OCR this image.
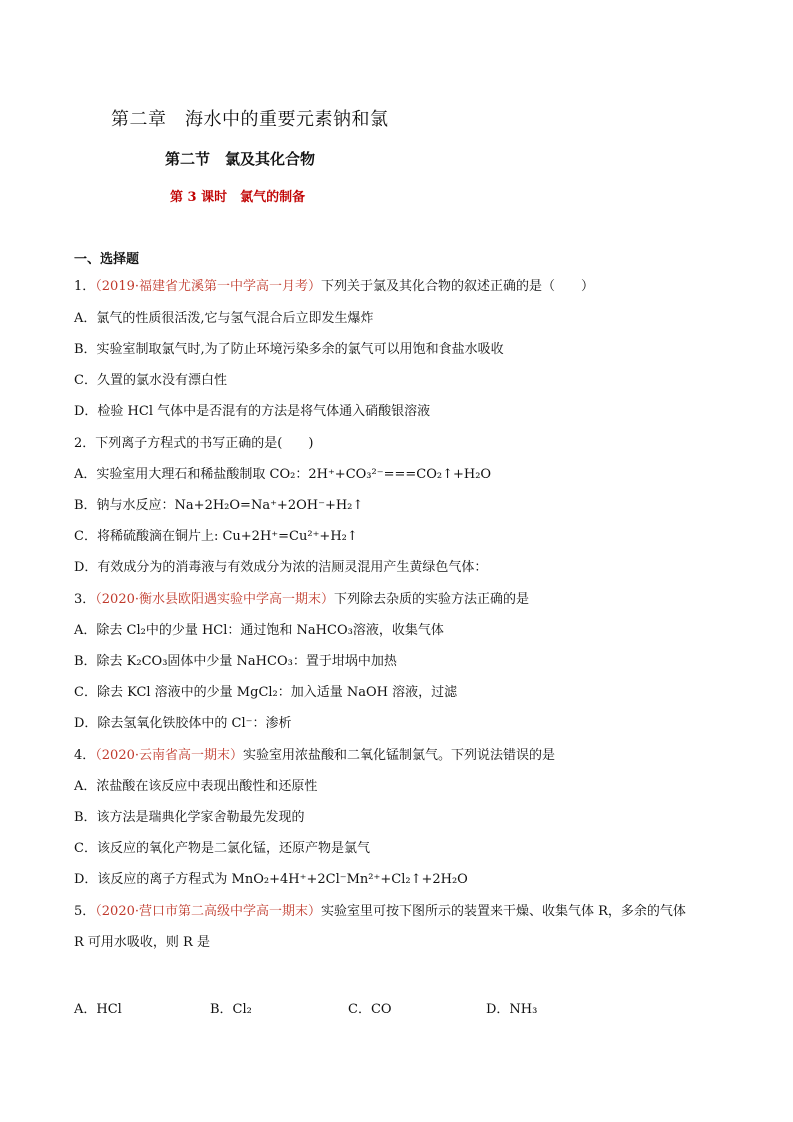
第二章　海水中的重要元素钠和氯
第二节　氯及其化合物
第 3 课时　氯气的制备
一、选择题
1．（2019·福建省尤溪第一中学高一月考）下列关于氯及其化合物的叙述正确的是（　　）
A．氯气的性质很活泼,它与氢气混合后立即发生爆炸
B．实验室制取氯气时,为了防止环境污染多余的氯气可以用饱和食盐水吸收
C．久置的氯水没有漂白性
D．检验 HCl 气体中是否混有的方法是将气体通入硝酸银溶液
2．下列离子方程式的书写正确的是(　　)
A．实验室用大理石和稀盐酸制取 CO₂：2H⁺+CO₃²⁻===CO₂↑+H₂O
B．钠与水反应：Na+2H₂O=Na⁺+2OH⁻+H₂↑
C．将稀硫酸滴在铜片上: Cu+2H⁺=Cu²⁺+H₂↑
D．有效成分为的消毒液与有效成分为浓的洁厕灵混用产生黄绿色气体：
3．（2020·衡水县欧阳遇实验中学高一期末）下列除去杂质的实验方法正确的是
A．除去 Cl₂中的少量 HCl：通过饱和 NaHCO₃溶液，收集气体
B．除去 K₂CO₃固体中少量 NaHCO₃：置于坩埚中加热
C．除去 KCl 溶液中的少量 MgCl₂：加入适量 NaOH 溶液，过滤
D．除去氢氧化铁胶体中的 Cl⁻：渗析
4．（2020·云南省高一期末）实验室用浓盐酸和二氧化锰制氯气。下列说法错误的是
A．浓盐酸在该反应中表现出酸性和还原性
B．该方法是瑞典化学家舍勒最先发现的
C．该反应的氧化产物是二氯化锰，还原产物是氯气
D．该反应的离子方程式为 MnO₂+4H⁺+2Cl⁻Mn²⁺+Cl₂↑+2H₂O
5．（2020·营口市第二高级中学高一期末）实验室里可按下图所示的装置来干燥、收集气体 R，多余的气体
R 可用水吸收，则 R 是
A．HCl	B．Cl₂	C．CO	D．NH₃
